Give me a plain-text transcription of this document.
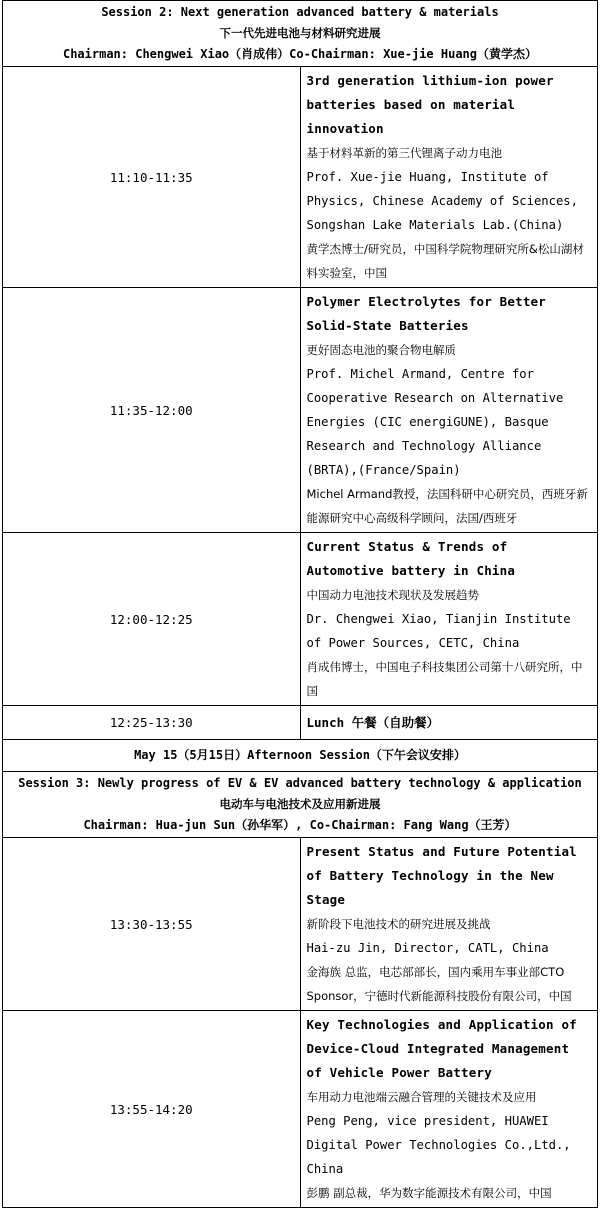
Session 2: Next generation advanced battery & materials
下一代先进电池与材料研究进展
Chairman: Chengwei Xiao（肖成伟）Co-Chairman: Xue-jie Huang（黄学杰）	

11:10-11:35	3rd generation lithium-ion power batteries based on material innovation
基于材料革新的第三代锂离子动力电池
Prof. Xue-jie Huang, Institute of Physics, Chinese Academy of Sciences, Songshan Lake Materials Lab.(China)
黄学杰博士/研究员，中国科学院物理研究所&松山湖材料实验室，中国

11:35-12:00	Polymer Electrolytes for Better Solid-State Batteries
更好固态电池的聚合物电解质
Prof. Michel Armand, Centre for Cooperative Research on Alternative Energies (CIC energiGUNE), Basque Research and Technology Alliance (BRTA),(France/Spain)
Michel Armand教授，法国科研中心研究员，西班牙新能源研究中心高级科学顾问，法国/西班牙

12:00-12:25	Current Status & Trends of Automotive battery in China
中国动力电池技术现状及发展趋势
Dr. Chengwei Xiao, Tianjin Institute of Power Sources, CETC, China
肖成伟博士，中国电子科技集团公司第十八研究所，中国

12:25-13:30	Lunch 午餐（自助餐）
May 15（5月15日）Afternoon Session（下午会议安排）	

Session 3: Newly progress of EV & EV advanced battery technology & application
电动车与电池技术及应用新进展
Chairman: Hua-jun Sun（孙华军）, Co-Chairman: Fang Wang（王芳）	

13:30-13:55	Present Status and Future Potential of Battery Technology in the New Stage
新阶段下电池技术的研究进展及挑战
Hai-zu Jin, Director, CATL, China
金海族 总监，电芯部部长，国内乘用车事业部CTO Sponsor，宁德时代新能源科技股份有限公司，中国

13:55-14:20	Key Technologies and Application of Device-Cloud Integrated Management of Vehicle Power Battery
车用动力电池端云融合管理的关键技术及应用
Peng Peng, vice president, HUAWEI Digital Power Technologies Co.,Ltd., China
彭鹏 副总裁，华为数字能源技术有限公司，中国
